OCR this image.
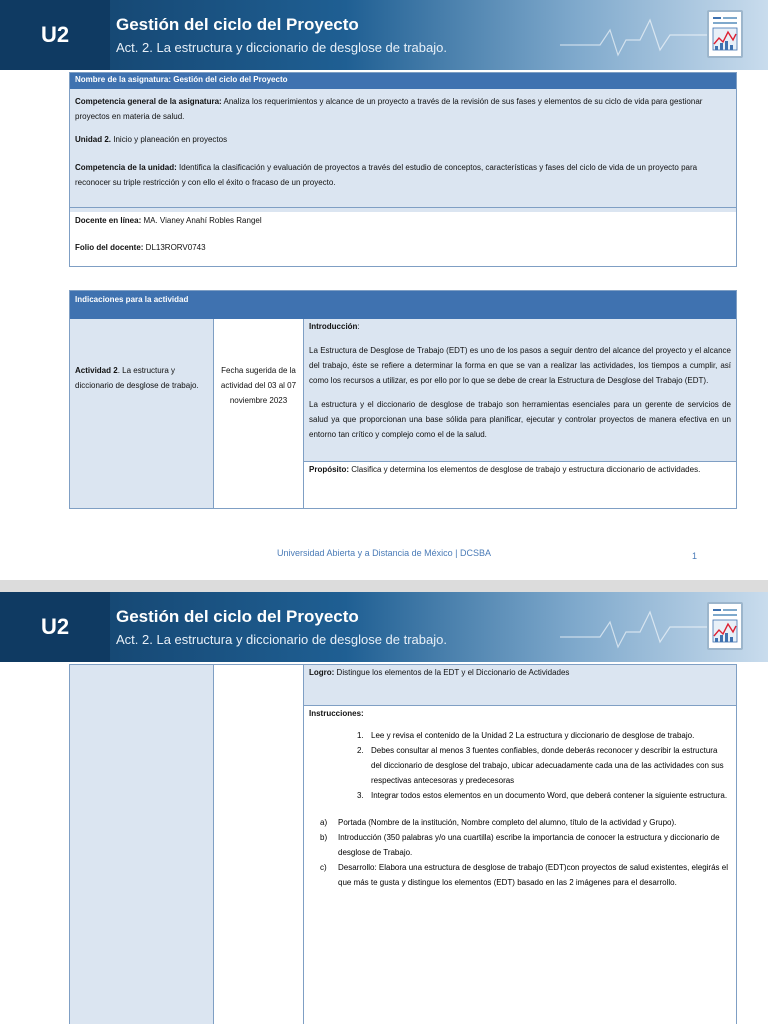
U2	Gestión del ciclo del Proyecto
Act. 2. La estructura y diccionario de desglose de trabajo.
Nombre de la asignatura: Gestión del ciclo del Proyecto
Competencia general de la asignatura: Analiza los requerimientos y alcance de un proyecto a través de la revisión de sus fases y elementos de su ciclo de vida para gestionar proyectos en materia de salud.
Unidad 2. Inicio y planeación en proyectos
Competencia de la unidad: Identifica la clasificación y evaluación de proyectos a través del estudio de conceptos, características y fases del ciclo de vida de un proyecto para reconocer su triple restricción y con ello el éxito o fracaso de un proyecto.
Docente en línea: MA. Vianey Anahí Robles Rangel
Folio del docente: DL13RORV0743
Indicaciones para la actividad
Actividad 2. La estructura y diccionario de desglose de trabajo.
Fecha sugerida de la actividad del 03 al 07 noviembre 2023
Introducción:
La Estructura de Desglose de Trabajo (EDT) es uno de los pasos a seguir dentro del alcance del proyecto y el alcance del trabajo, éste se refiere a determinar la forma en que se van a realizar las actividades, los tiempos a cumplir, así como los recursos a utilizar, es por ello por lo que se debe de crear la Estructura de Desglose del Trabajo (EDT).
La estructura y el diccionario de desglose de trabajo son herramientas esenciales para un gerente de servicios de salud ya que proporcionan una base sólida para planificar, ejecutar y controlar proyectos de manera efectiva en un entorno tan crítico y complejo como el de la salud.
Propósito: Clasifica y determina los elementos de desglose de trabajo y estructura diccionario de actividades.
Universidad Abierta y a Distancia de México | DCSBA	1
U2	Gestión del ciclo del Proyecto
Act. 2. La estructura y diccionario de desglose de trabajo.
Logro: Distingue los elementos de la EDT y el Diccionario de Actividades
Instrucciones:
1. Lee y revisa el contenido de la Unidad 2 La estructura y diccionario de desglose de trabajo.
2. Debes consultar al menos 3 fuentes confiables, donde deberás reconocer y describir la estructura del diccionario de desglose del trabajo, ubicar adecuadamente cada una de las actividades con sus respectivas antecesoras y predecesoras
3. Integrar todos estos elementos en un documento Word, que deberá contener la siguiente estructura.
a)	Portada (Nombre de la institución, Nombre completo del alumno, título de la actividad y Grupo).
b)	Introducción (350 palabras y/o una cuartilla) escribe la importancia de conocer la estructura y diccionario de desglose de Trabajo.
c)	Desarrollo: Elabora una estructura de desglose de trabajo (EDT)con proyectos de salud existentes, elegirás el que más te gusta y distingue los elementos (EDT) basado en las 2 imágenes para el desarrollo.
